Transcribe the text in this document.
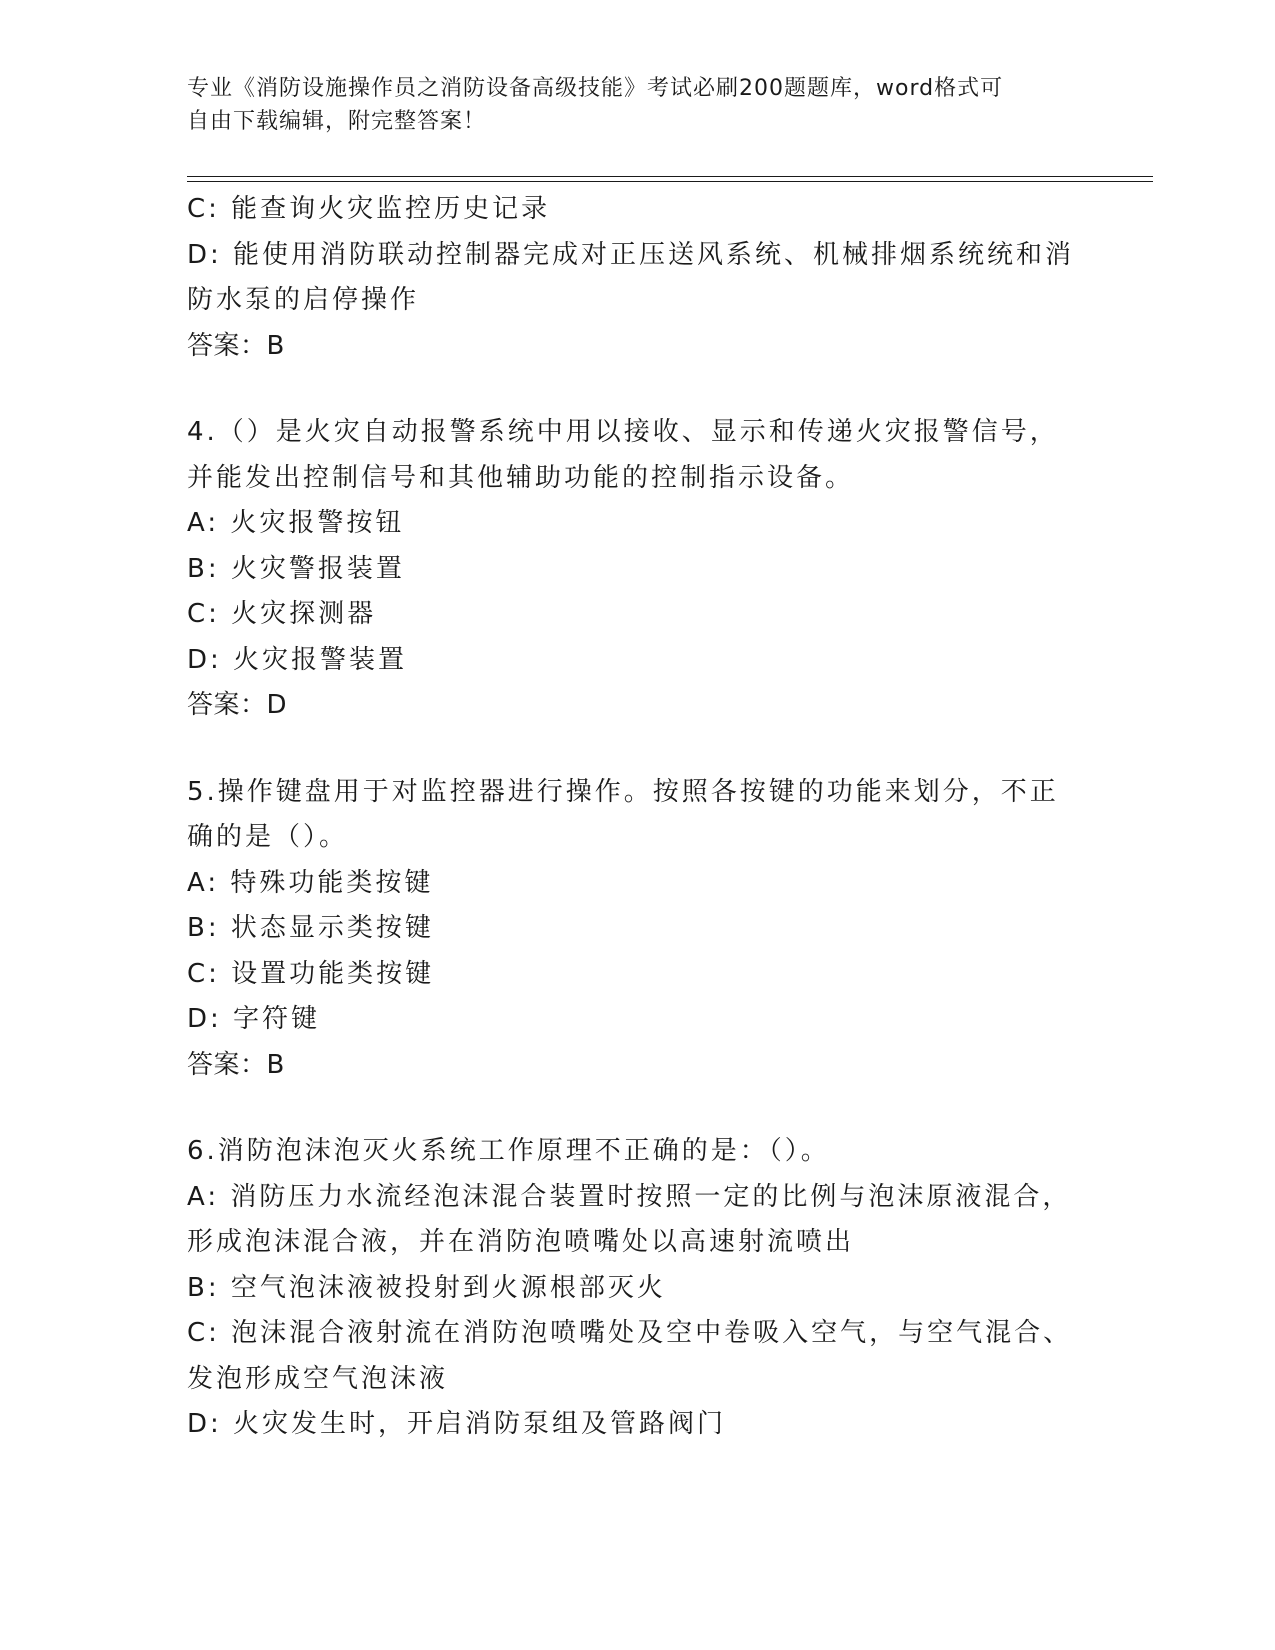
专业《消防设施操作员之消防设备高级技能》考试必刷200题题库，word格式可
自由下载编辑，附完整答案！
C: 能查询火灾监控历史记录
D: 能使用消防联动控制器完成对正压送风系统、机械排烟系统统和消
防水泵的启停操作
答案：B
4.（）是火灾自动报警系统中用以接收、显示和传递火灾报警信号，
并能发出控制信号和其他辅助功能的控制指示设备。
A: 火灾报警按钮
B: 火灾警报装置
C: 火灾探测器
D: 火灾报警装置
答案：D
5.操作键盘用于对监控器进行操作。按照各按键的功能来划分，不正
确的是（）。
A: 特殊功能类按键
B: 状态显示类按键
C: 设置功能类按键
D: 字符键
答案：B
6.消防泡沫泡灭火系统工作原理不正确的是：（）。
A: 消防压力水流经泡沫混合装置时按照一定的比例与泡沫原液混合，
形成泡沫混合液，并在消防泡喷嘴处以高速射流喷出
B: 空气泡沫液被投射到火源根部灭火
C: 泡沫混合液射流在消防泡喷嘴处及空中卷吸入空气，与空气混合、
发泡形成空气泡沫液
D: 火灾发生时，开启消防泵组及管路阀门
